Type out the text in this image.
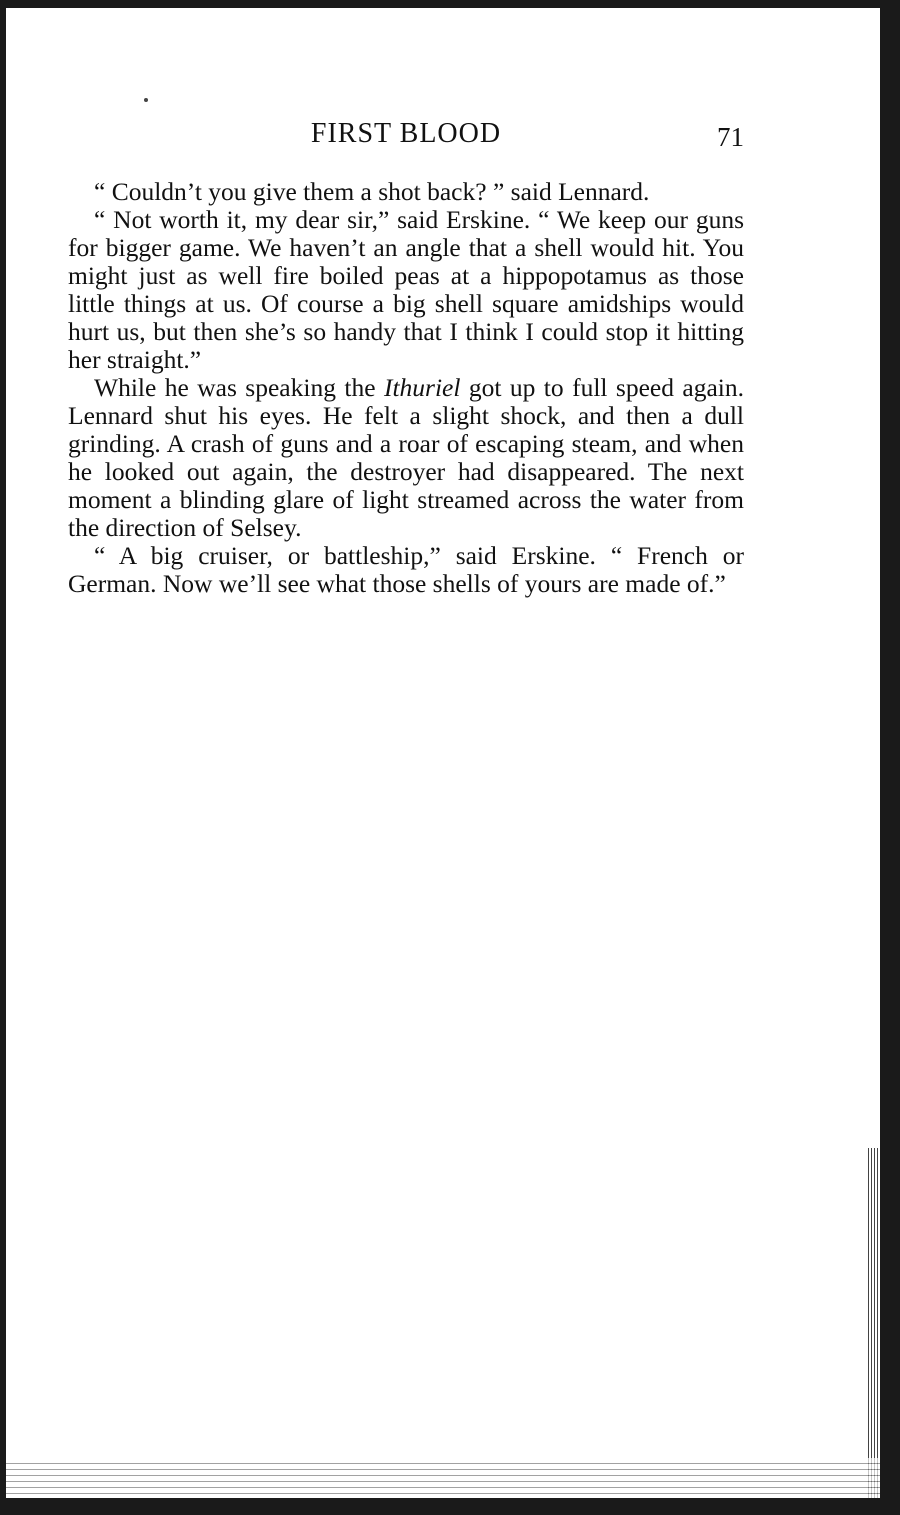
FIRST BLOOD	71

“ Couldn’t you give them a shot back? ” said Lennard.

“ Not worth it, my dear sir,” said Erskine. “ We keep our guns for bigger game. We haven’t an angle that a shell would hit. You might just as well fire boiled peas at a hippopotamus as those little things at us. Of course a big shell square amidships would hurt us, but then she’s so handy that I think I could stop it hitting her straight.”

While he was speaking the Ithuriel got up to full speed again. Lennard shut his eyes. He felt a slight shock, and then a dull grinding. A crash of guns and a roar of escaping steam, and when he looked out again, the destroyer had disappeared. The next moment a blinding glare of light streamed across the water from the direction of Selsey.

“ A big cruiser, or battleship,” said Erskine. “ French or German. Now we’ll see what those shells of yours are made of.”
